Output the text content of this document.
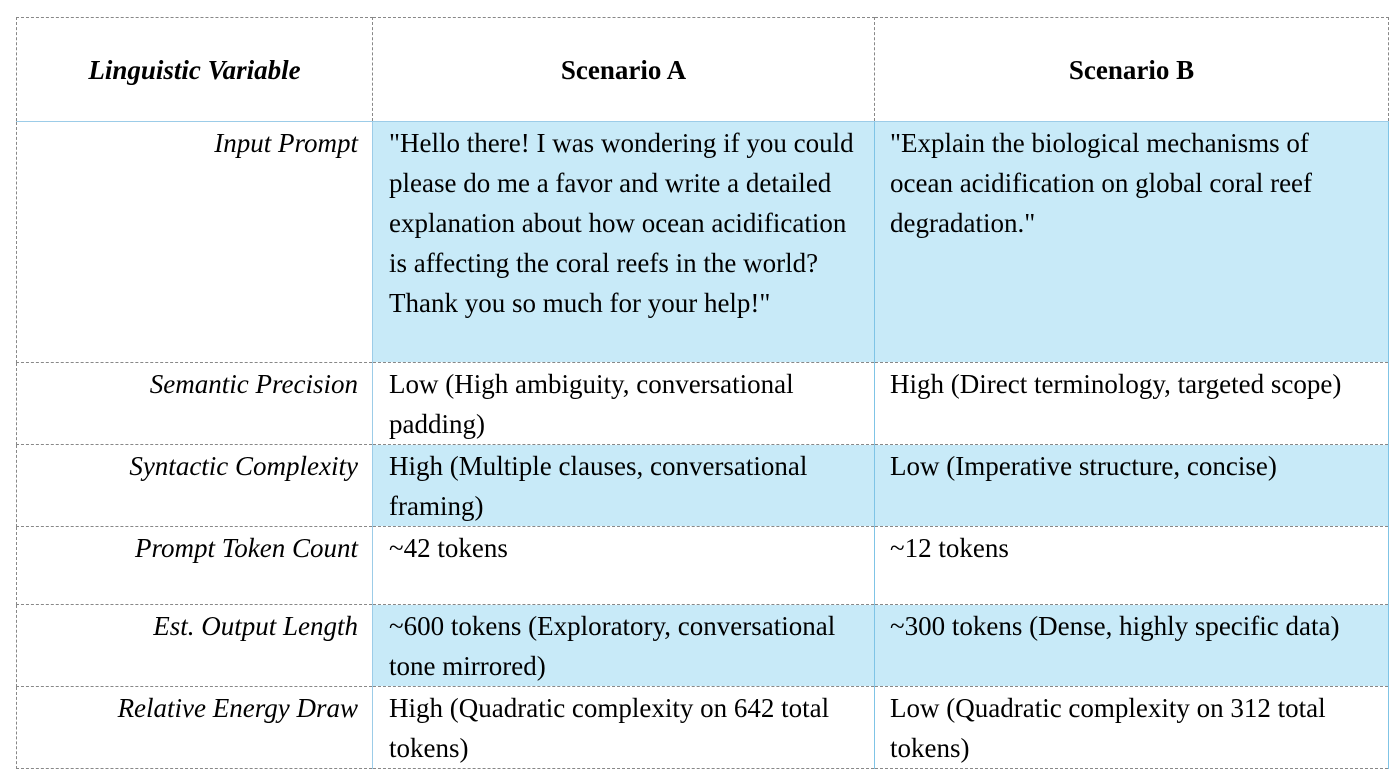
Linguistic Variable	Scenario A	Scenario B
Input Prompt	"Hello there! I was wondering if you could please do me a favor and write a detailed explanation about how ocean acidification is affecting the coral reefs in the world? Thank you so much for your help!"	"Explain the biological mechanisms of ocean acidification on global coral reef degradation."
Semantic Precision	Low (High ambiguity, conversational padding)	High (Direct terminology, targeted scope)
Syntactic Complexity	High (Multiple clauses, conversational framing)	Low (Imperative structure, concise)
Prompt Token Count	~42 tokens	~12 tokens
Est. Output Length	~600 tokens (Exploratory, conversational tone mirrored)	~300 tokens (Dense, highly specific data)
Relative Energy Draw	High (Quadratic complexity on 642 total tokens)	Low (Quadratic complexity on 312 total tokens)
